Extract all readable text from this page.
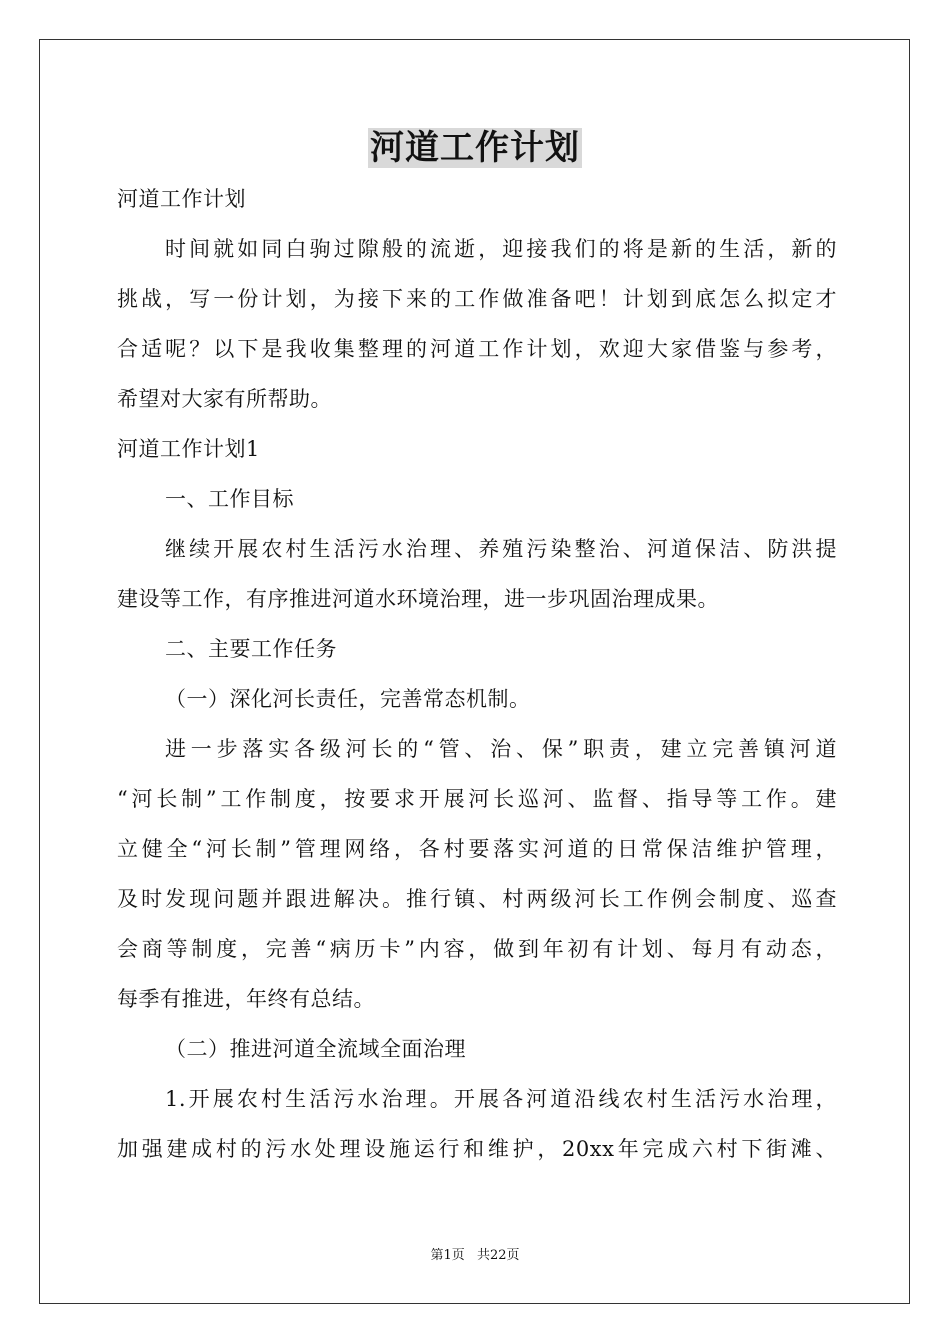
河道工作计划
河道工作计划
时间就如同白驹过隙般的流逝，迎接我们的将是新的生活，新的
挑战，写一份计划，为接下来的工作做准备吧！计划到底怎么拟定才
合适呢？以下是我收集整理的河道工作计划，欢迎大家借鉴与参考，
希望对大家有所帮助。
河道工作计划1
一、工作目标
继续开展农村生活污水治理、养殖污染整治、河道保洁、防洪提
建设等工作，有序推进河道水环境治理，进一步巩固治理成果。
二、主要工作任务
（一）深化河长责任，完善常态机制。
进一步落实各级河长的“管、治、保”职责，建立完善镇河道
“河长制”工作制度，按要求开展河长巡河、监督、指导等工作。建
立健全“河长制”管理网络，各村要落实河道的日常保洁维护管理，
及时发现问题并跟进解决。推行镇、村两级河长工作例会制度、巡查
会商等制度，完善“病历卡”内容，做到年初有计划、每月有动态，
每季有推进，年终有总结。
（二）推进河道全流域全面治理
1.开展农村生活污水治理。开展各河道沿线农村生活污水治理，
加强建成村的污水处理设施运行和维护，20xx年完成六村下街滩、
第1页 共22页
